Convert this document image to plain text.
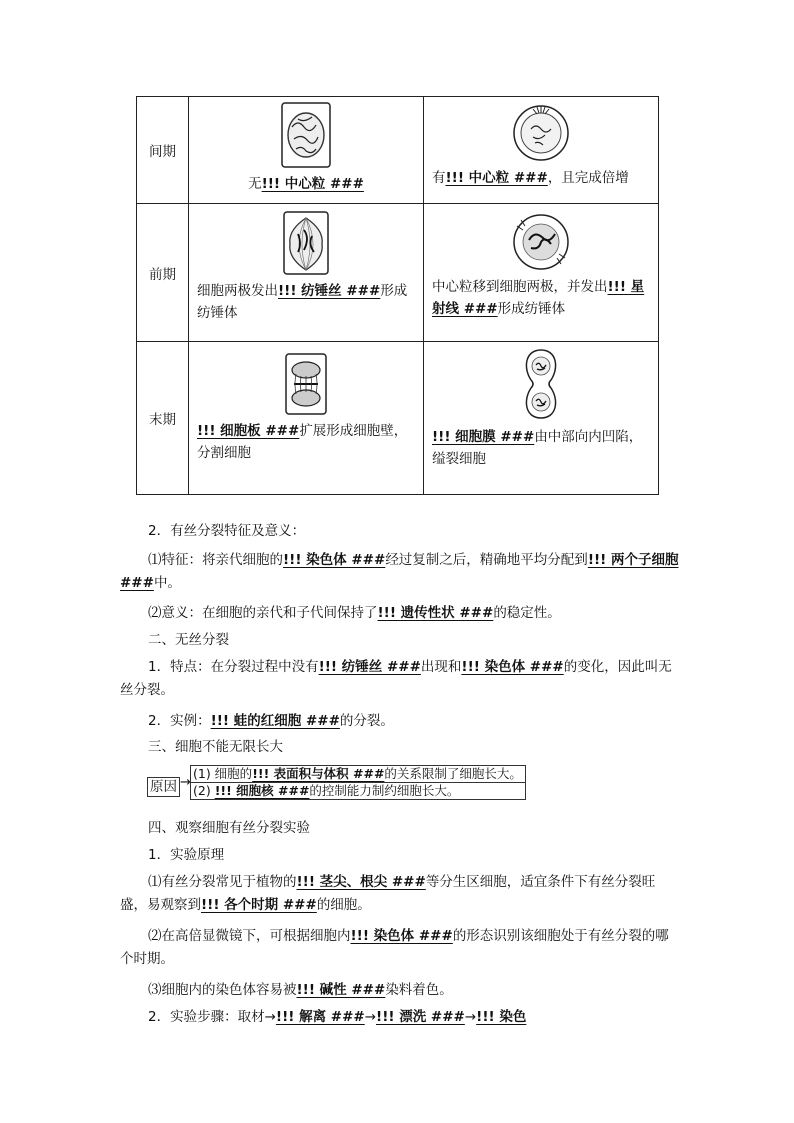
间期	无!!! 中心粒 ###	有!!! 中心粒 ###，且完成倍增

前期	细胞两极发出!!! 纺锤丝 ###形成纺锤体	中心粒移到细胞两极，并发出!!! 星射线 ###形成纺锤体

末期	!!! 细胞板 ###扩展形成细胞壁，分割细胞	!!! 细胞膜 ###由中部向内凹陷，缢裂细胞
2．有丝分裂特征及意义：
⑴特征：将亲代细胞的!!! 染色体 ###经过复制之后，精确地平均分配到!!! 两个子细胞 ###中。
⑵意义：在细胞的亲代和子代间保持了!!! 遗传性状 ###的稳定性。
二、无丝分裂
1．特点：在分裂过程中没有!!! 纺锤丝 ###出现和!!! 染色体 ###的变化，因此叫无丝分裂。
2．实例：!!! 蛙的红细胞 ###的分裂。
三、细胞不能无限长大
原因 →
(1) 细胞的!!! 表面积与体积 ###的关系限制了细胞长大。
(2) !!! 细胞核 ###的控制能力制约细胞长大。
四、观察细胞有丝分裂实验
1．实验原理
⑴有丝分裂常见于植物的!!! 茎尖、根尖 ###等分生区细胞，适宜条件下有丝分裂旺盛，易观察到!!! 各个时期 ###的细胞。
⑵在高倍显微镜下，可根据细胞内!!! 染色体 ###的形态识别该细胞处于有丝分裂的哪个时期。
⑶细胞内的染色体容易被!!! 碱性 ###染料着色。
2．实验步骤：取材→!!! 解离 ###→!!! 漂洗 ###→!!! 染色
